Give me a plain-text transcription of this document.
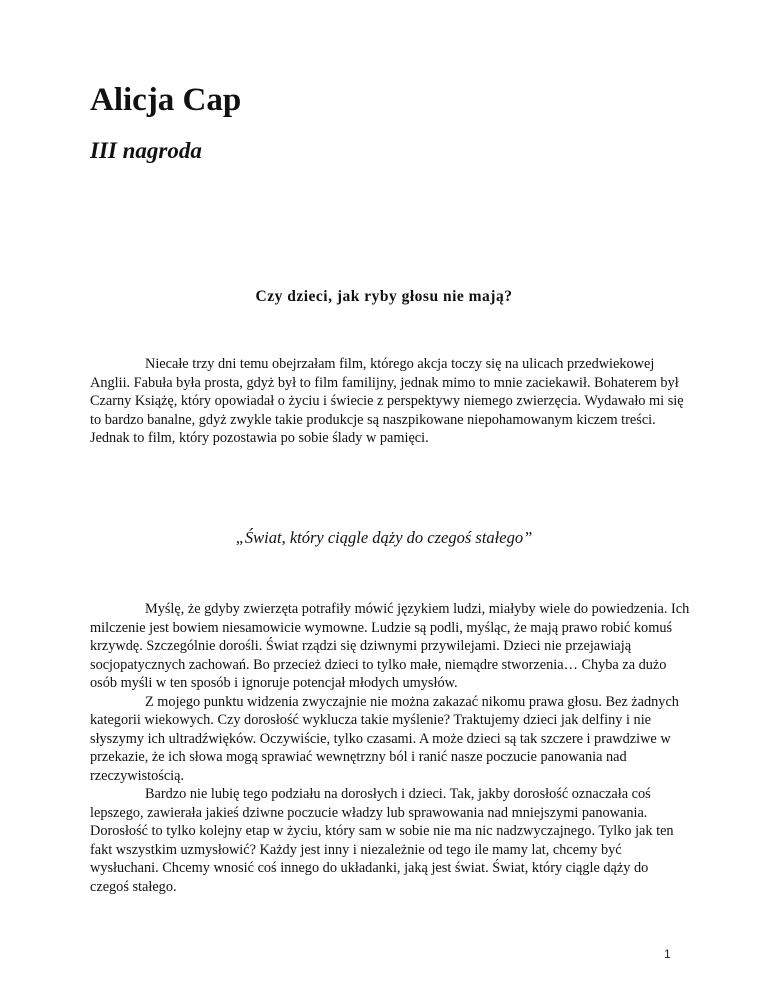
Alicja Cap
III nagroda
Czy dzieci, jak ryby głosu nie mają?

Niecałe trzy dni temu obejrzałam film, którego akcja toczy się na ulicach przedwiekowej Anglii. Fabuła była prosta, gdyż był to film familijny, jednak mimo to mnie zaciekawił. Bohaterem był Czarny Książę, który opowiadał o życiu i świecie z perspektywy niemego zwierzęcia. Wydawało mi się to bardzo banalne, gdyż zwykle takie produkcje są naszpikowane niepohamowanym kiczem treści. Jednak to film, który pozostawia po sobie ślady w pamięci.

„Świat, który ciągle dąży do czegoś stałego”

Myślę, że gdyby zwierzęta potrafiły mówić językiem ludzi, miałyby wiele do powiedzenia. Ich milczenie jest bowiem niesamowicie wymowne. Ludzie są podli, myśląc, że mają prawo robić komuś krzywdę. Szczególnie dorośli. Świat rządzi się dziwnymi przywilejami. Dzieci nie przejawiają socjopatycznych zachowań. Bo przecież dzieci to tylko małe, niemądre stworzenia… Chyba za dużo osób myśli w ten sposób i ignoruje potencjał młodych umysłów.

Z mojego punktu widzenia zwyczajnie nie można zakazać nikomu prawa głosu. Bez żadnych kategorii wiekowych. Czy dorosłość wyklucza takie myślenie? Traktujemy dzieci jak delfiny i nie słyszymy ich ultradźwięków. Oczywiście, tylko czasami. A może dzieci są tak szczere i prawdziwe w przekazie, że ich słowa mogą sprawiać wewnętrzny ból i ranić nasze poczucie panowania nad rzeczywistością.

Bardzo nie lubię tego podziału na dorosłych i dzieci. Tak, jakby dorosłość oznaczała coś lepszego, zawierała jakieś dziwne poczucie władzy lub sprawowania nad mniejszymi panowania. Dorosłość to tylko kolejny etap w życiu, który sam w sobie nie ma nic nadzwyczajnego. Tylko jak ten fakt wszystkim uzmysłowić? Każdy jest inny i niezależnie od tego ile mamy lat, chcemy być wysłuchani. Chcemy wnosić coś innego do układanki, jaką jest świat. Świat, który ciągle dąży do czegoś stałego.

1
